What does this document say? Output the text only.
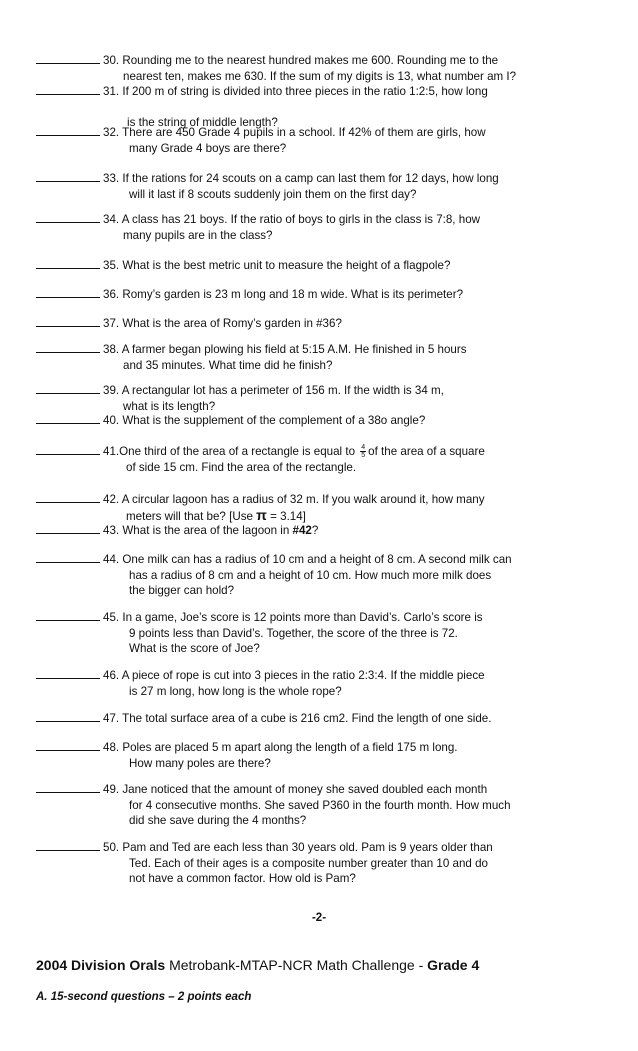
30. Rounding me to the nearest hundred makes me 600. Rounding me to the
nearest ten, makes me 630. If the sum of my digits is 13, what number am I?
31. If 200 m of string is divided into three pieces in the ratio 1:2:5, how long
is the string of middle length?
32. There are 450 Grade 4 pupils in a school. If 42% of them are girls, how
many Grade 4 boys are there?
33. If the rations for 24 scouts on a camp can last them for 12 days, how long
will it last if 8 scouts suddenly join them on the first day?
34. A class has 21 boys. If the ratio of boys to girls in the class is 7:8, how
many pupils are in the class?
35. What is the best metric unit to measure the height of a flagpole?
36. Romy’s garden is 23 m long and 18 m wide. What is its perimeter?
37. What is the area of Romy’s garden in #36?
38. A farmer began plowing his field at 5:15 A.M. He finished in 5 hours
and 35 minutes. What time did he finish?
39. A rectangular lot has a perimeter of 156 m. If the width is 34 m,
what is its length?
40. What is the supplement of the complement of a 38o angle?
41.One third of the area of a rectangle is equal to $\frac{4}{5}$ of the area of a square
of side 15 cm. Find the area of the rectangle.
42. A circular lagoon has a radius of 32 m. If you walk around it, how many
meters will that be? [Use π = 3.14]
43. What is the area of the lagoon in #42?
44. One milk can has a radius of 10 cm and a height of 8 cm. A second milk can
has a radius of 8 cm and a height of 10 cm. How much more milk does
the bigger can hold?
45. In a game, Joe’s score is 12 points more than David’s. Carlo’s score is
9 points less than David’s. Together, the score of the three is 72.
What is the score of Joe?
46. A piece of rope is cut into 3 pieces in the ratio 2:3:4. If the middle piece
is 27 m long, how long is the whole rope?
47. The total surface area of a cube is 216 cm2. Find the length of one side.
48. Poles are placed 5 m apart along the length of a field 175 m long.
How many poles are there?
49. Jane noticed that the amount of money she saved doubled each month
for 4 consecutive months. She saved P360 in the fourth month. How much
did she save during the 4 months?
50. Pam and Ted are each less than 30 years old. Pam is 9 years older than
Ted. Each of their ages is a composite number greater than 10 and do
not have a common factor. How old is Pam?
-2-
2004 Division Orals Metrobank-MTAP-NCR Math Challenge - Grade 4
A. 15-second questions – 2 points each
